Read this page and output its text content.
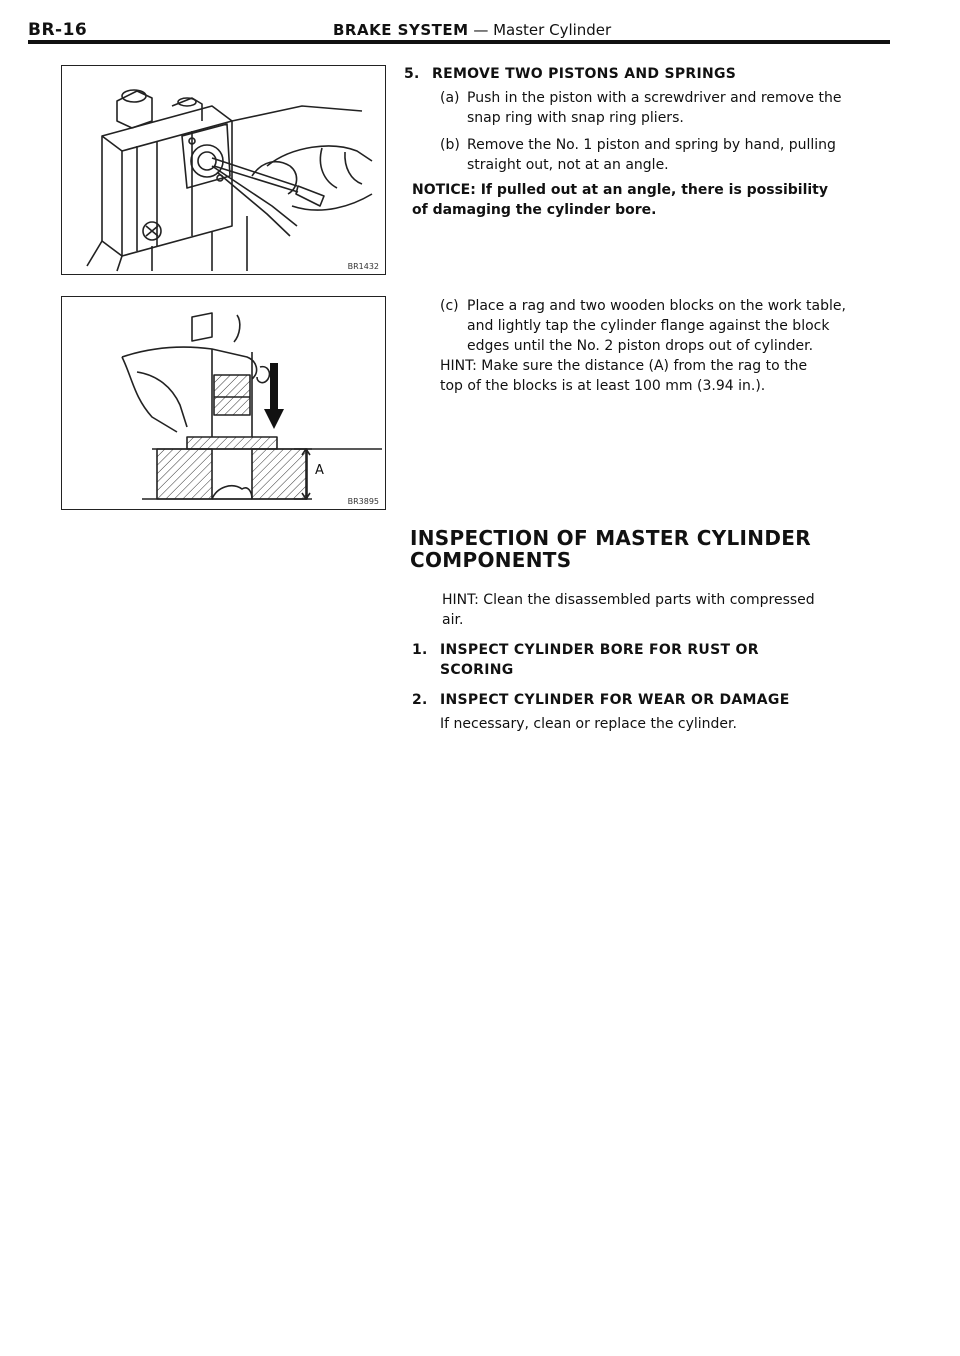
BR-16	BRAKE SYSTEM — Master Cylinder
BR1432
A
BR3895
5. REMOVE TWO PISTONS AND SPRINGS
(a) Push in the piston with a screwdriver and remove the
snap ring with snap ring pliers.
(b) Remove the No. 1 piston and spring by hand, pulling
straight out, not at an angle.
NOTICE: If pulled out at an angle, there is possibility
of damaging the cylinder bore.
(c) Place a rag and two wooden blocks on the work table,
and lightly tap the cylinder flange against the block
edges until the No. 2 piston drops out of cylinder.
HINT: Make sure the distance (A) from the rag to the
top of the blocks is at least 100 mm (3.94 in.).
INSPECTION OF MASTER CYLINDER
COMPONENTS
HINT: Clean the disassembled parts with compressed
air.
1. INSPECT CYLINDER BORE FOR RUST OR
SCORING
2. INSPECT CYLINDER FOR WEAR OR DAMAGE
If necessary, clean or replace the cylinder.
